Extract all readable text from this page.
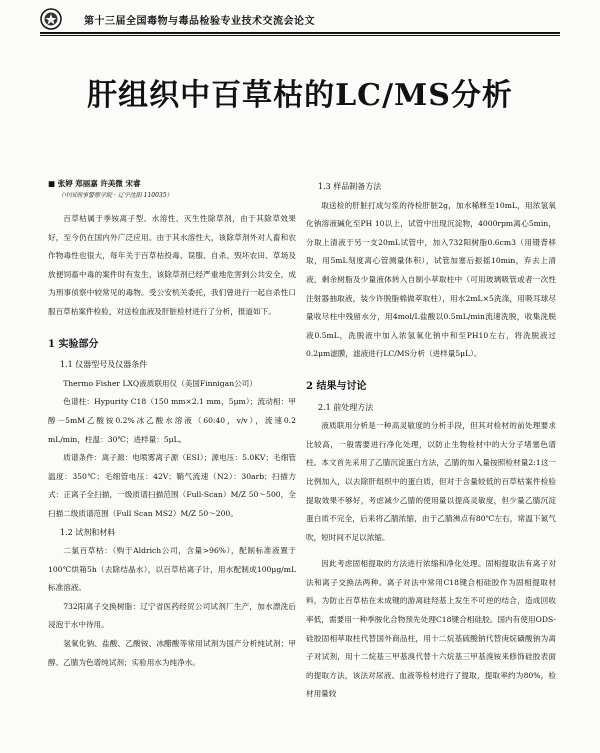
第十三届全国毒物与毒品检验专业技术交流会论文
肝组织中百草枯的LC/MS分析
■ 张婷 郑丽嘉 许美微 宋睿
（中国刑事警察学院 · 辽宁沈阳 110035）

百草枯属于季铵离子型、水溶性、灭生性除草剂，由于其除草效果好，至今仍在国内外广泛应用。由于其水溶性大，该除草剂外对人畜和农作物毒性也很大，每年关于百草枯投毒、误服、自杀、毁坏农田、草场及放便饲畜中毒的案件时有发生，该除草剂已经严重地危害到公共安全，成为刑事侦察中较常见的毒物。受公安机关委托，我们曾进行一起自杀性口服百草枯案件检验，对送检血液及肝脏检材进行了分析，报道如下。

1 实验部分

1.1 仪器型号及仪器条件

Thermo Fisher LXQ液质联用仪（美国Finnigan公司）

色谱柱：Hypurity C18（150 mm×2.1 mm，5μm）；流动相：甲醇－5mM乙酸铵0.2%冰乙酸水溶液（60:40，v/v），流速0.2 mL/min，柱温：30℃；进样量：5μL。

质谱条件：离子源：电喷雾离子源（ESI）；源电压：5.0KV；毛细管温度：350℃；毛细管电压：42V；鞘气流速（N2）：30arb；扫描方式：正离子全扫描，一级质谱扫描范围（Full-Scan）M/Z 50～500，全扫描二级质谱范围（Full Scan MS2）M/Z 50～200。

1.2 试剂和材料

二氯百草枯：（购于Aldrich公司，含量>96%），配制标准液置于100℃烘箱5h（去除结晶水），以百草枯离子计，用水配制成100μg/mL标准溶液。

732阳离子交换树脂：辽宁省医药经贸公司试剂厂生产，加水漂洗后浸泡于水中待用。

氢氧化钠、盐酸、乙酸铵、冰醋酸等常用试剂为国产分析纯试剂；甲醇、乙腈为色谱纯试剂；实验用水为纯净水。

1.3 样品制备方法

取送检的肝脏打成匀浆的待检肝脏2g，加水稀释至10mL，用浓氢氧化钠溶液碱化至PH 10以上，试管中出现沉淀物，4000rpm离心5min，分取上清液于另一支20mL试管中，加入732阳树脂0.6cm3（用镊背移取，用5mL刻度离心管测量体积），试管加塞后振摇10min，弃去上清液，剩余树脂及少量液体转入自制小萃取柱中（可用玻璃吸管或者一次性注射器抽取液，装少许脱脂棉做萃取柱），用水2mL×5洗涤，用吸耳球尽量收尽柱中残留水分，用4mol/L盐酸以0.5mL/min流速洗脱，收集洗脱液0.5mL，洗脱液中加入浓氢氧化钠中和至PH10左右，将洗脱液过0.2μm滤膜，滤液进行LC/MS分析（进样量5μL）。

2 结果与讨论

2.1 前处理方法

液质联用分析是一种高灵敏度的分析手段，但其对检材的前处理要求比较高，一般需要进行净化处理，以防止生物检材中的大分子堵塞色谱柱。本文首先采用了乙腈沉淀蛋白方法，乙腈的加入量按照检材量2:1这一比例加入，以去除肝组织中的蛋白质，但对于含量较低的百草枯案件检验提取效果不够好，考虑减少乙腈的使用量以提高灵敏度，但少量乙腈沉淀蛋白质不完全，后来将乙腈浓缩，由于乙腈沸点有80℃左右，常温下氮气吹，短时间不足以浓缩。

因此考虑固相提取的方法进行浓缩和净化处理。固相提取法有离子对法和离子交换法两种。离子对法中常用C18键合相硅胶作为固相提取材料，为防止百草枯在未成键的游离硅羟基上发生不可逆的结合，造成回收率低，需要用一种季胺化合物预先处理C18键合相硅胶。国内有使用ODS-硅胶固相萃取柱代替国外商品柱，用十二烷基硫酸钠代替庚烷磺酸钠为离子对试剂，用十二烷基三甲基溴代替十六烷基三甲基溴铵来修饰硅胶表面的提取方法，该法对尿液、血液等检材进行了提取，提取率约为80%，检材用量较
